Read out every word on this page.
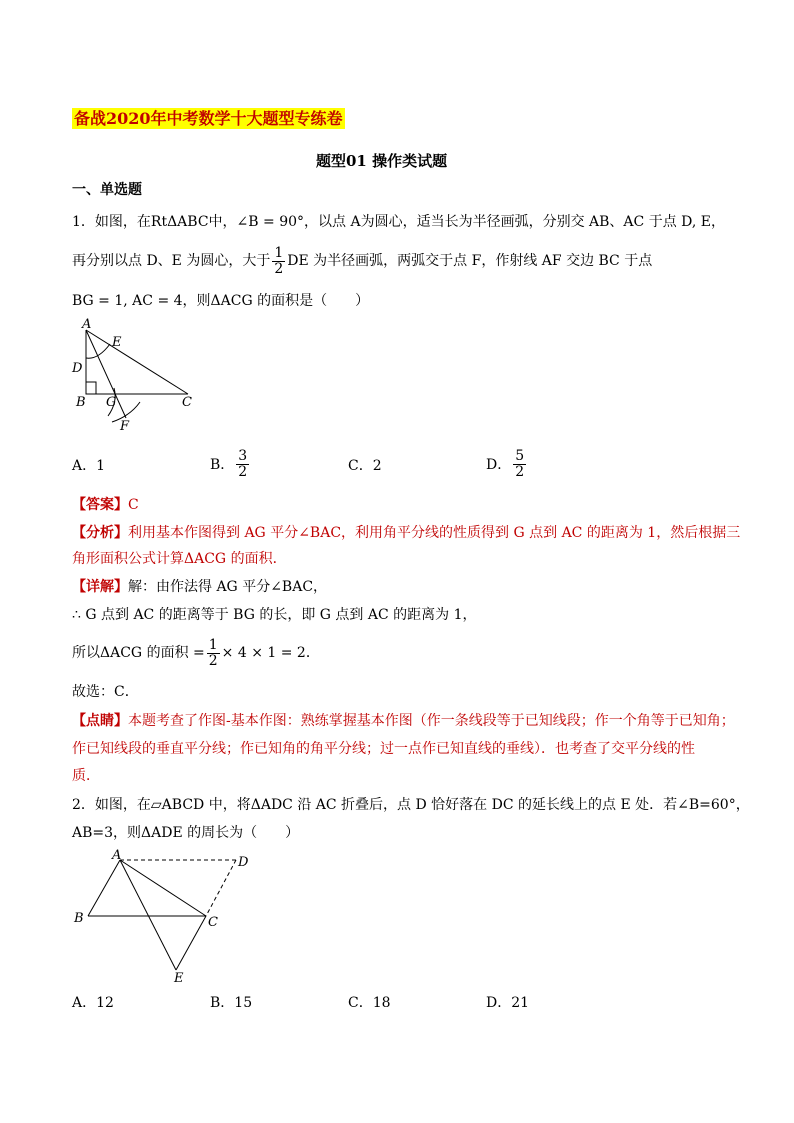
备战2020年中考数学十大题型专练卷
题型01 操作类试题
一、单选题
1．如图，在RtΔABC中，∠B = 90°，以点 A为圆心，适当长为半径画弧，分别交 AB、AC 于点 D, E，
再分别以点 D、E 为圆心，大于 $\frac{1}{2}$ DE 为半径画弧，两弧交于点 F，作射线 AF 交边 BC 于点
BG = 1, AC = 4，则ΔACG 的面积是（　　）
A
E
D
B G	C
F
A．1	B． $\frac{3}{2}$	C．2	D． $\frac{5}{2}$
【答案】C
【分析】利用基本作图得到 AG 平分∠BAC，利用角平分线的性质得到 G 点到 AC 的距离为 1，然后根据三
角形面积公式计算ΔACG 的面积．
【详解】解：由作法得 AG 平分∠BAC，
∴ G 点到 AC 的距离等于 BG 的长，即 G 点到 AC 的距离为 1，
所以ΔACG 的面积 = $\frac{1}{2} \times 4 \times 1 = 2$．
故选：C．
【点睛】本题考查了作图-基本作图：熟练掌握基本作图（作一条线段等于已知线段；作一个角等于已知角；
作已知线段的垂直平分线；作已知角的角平分线；过一点作已知直线的垂线）．也考查了交平分线的性
质．
2．如图，在▱ABCD 中，将ΔADC 沿 AC 折叠后，点 D 恰好落在 DC 的延长线上的点 E 处．若∠B=60°，
AB=3，则ΔADE 的周长为（　　）
A	D
B	C
E
A．12	B．15	C．18	D．21
